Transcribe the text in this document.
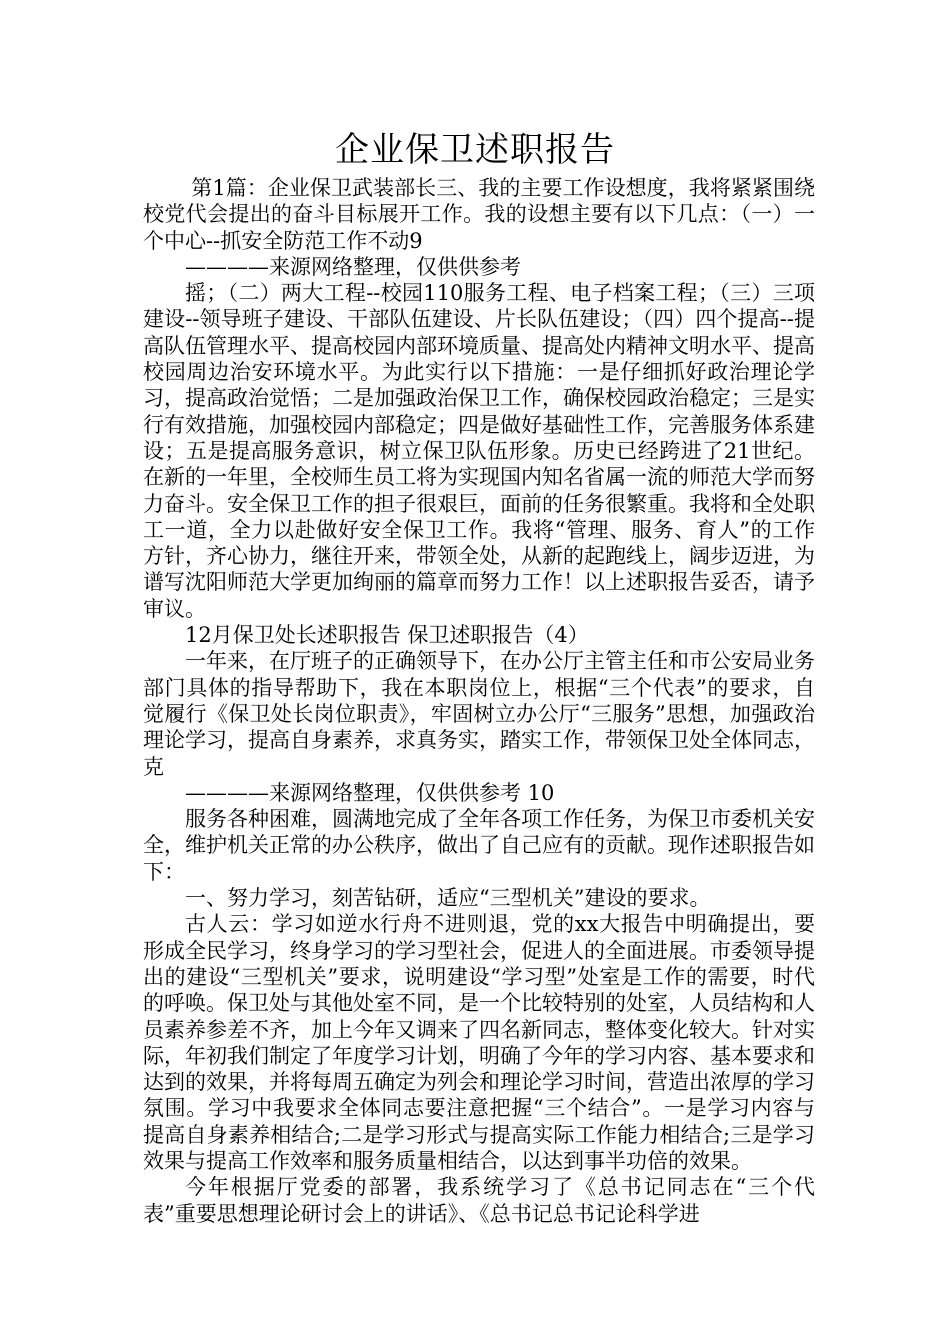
企业保卫述职报告

第1篇：企业保卫武装部长三、我的主要工作设想度，我将紧紧围绕校党代会提出的奋斗目标展开工作。我的设想主要有以下几点：（一）一个中心--抓安全防范工作不动9

————来源网络整理，仅供供参考

摇；（二）两大工程--校园110服务工程、电子档案工程；（三）三项建设--领导班子建设、干部队伍建设、片长队伍建设；（四）四个提高--提高队伍管理水平、提高校园内部环境质量、提高处内精神文明水平、提高校园周边治安环境水平。为此实行以下措施：一是仔细抓好政治理论学习，提高政治觉悟；二是加强政治保卫工作，确保校园政治稳定；三是实行有效措施，加强校园内部稳定；四是做好基础性工作，完善服务体系建设；五是提高服务意识，树立保卫队伍形象。历史已经跨进了21世纪。在新的一年里，全校师生员工将为实现国内知名省属一流的师范大学而努力奋斗。安全保卫工作的担子很艰巨，面前的任务很繁重。我将和全处职工一道，全力以赴做好安全保卫工作。我将“管理、服务、育人”的工作方针，齐心协力，继往开来，带领全处，从新的起跑线上，阔步迈进，为谱写沈阳师范大学更加绚丽的篇章而努力工作！以上述职报告妥否，请予审议。

12月保卫处长述职报告 保卫述职报告（4）

一年来，在厅班子的正确领导下，在办公厅主管主任和市公安局业务部门具体的指导帮助下，我在本职岗位上，根据“三个代表”的要求，自觉履行《保卫处长岗位职责》，牢固树立办公厅“三服务”思想，加强政治理论学习，提高自身素养，求真务实，踏实工作，带领保卫处全体同志，克

————来源网络整理，仅供供参考 10

服务各种困难，圆满地完成了全年各项工作任务，为保卫市委机关安全，维护机关正常的办公秩序，做出了自己应有的贡献。现作述职报告如下：

一、努力学习，刻苦钻研，适应“三型机关”建设的要求。

古人云：学习如逆水行舟不进则退，党的xx大报告中明确提出，要形成全民学习，终身学习的学习型社会，促进人的全面进展。市委领导提出的建设“三型机关”要求，说明建设“学习型”处室是工作的需要，时代的呼唤。保卫处与其他处室不同，是一个比较特别的处室，人员结构和人员素养参差不齐，加上今年又调来了四名新同志，整体变化较大。针对实际，年初我们制定了年度学习计划，明确了今年的学习内容、基本要求和达到的效果，并将每周五确定为列会和理论学习时间，营造出浓厚的学习氛围。学习中我要求全体同志要注意把握“三个结合”。一是学习内容与提高自身素养相结合;二是学习形式与提高实际工作能力相结合;三是学习效果与提高工作效率和服务质量相结合，以达到事半功倍的效果。

今年根据厅党委的部署，我系统学习了《总书记同志在“三个代表”重要思想理论研讨会上的讲话》、《总书记总书记论科学进
